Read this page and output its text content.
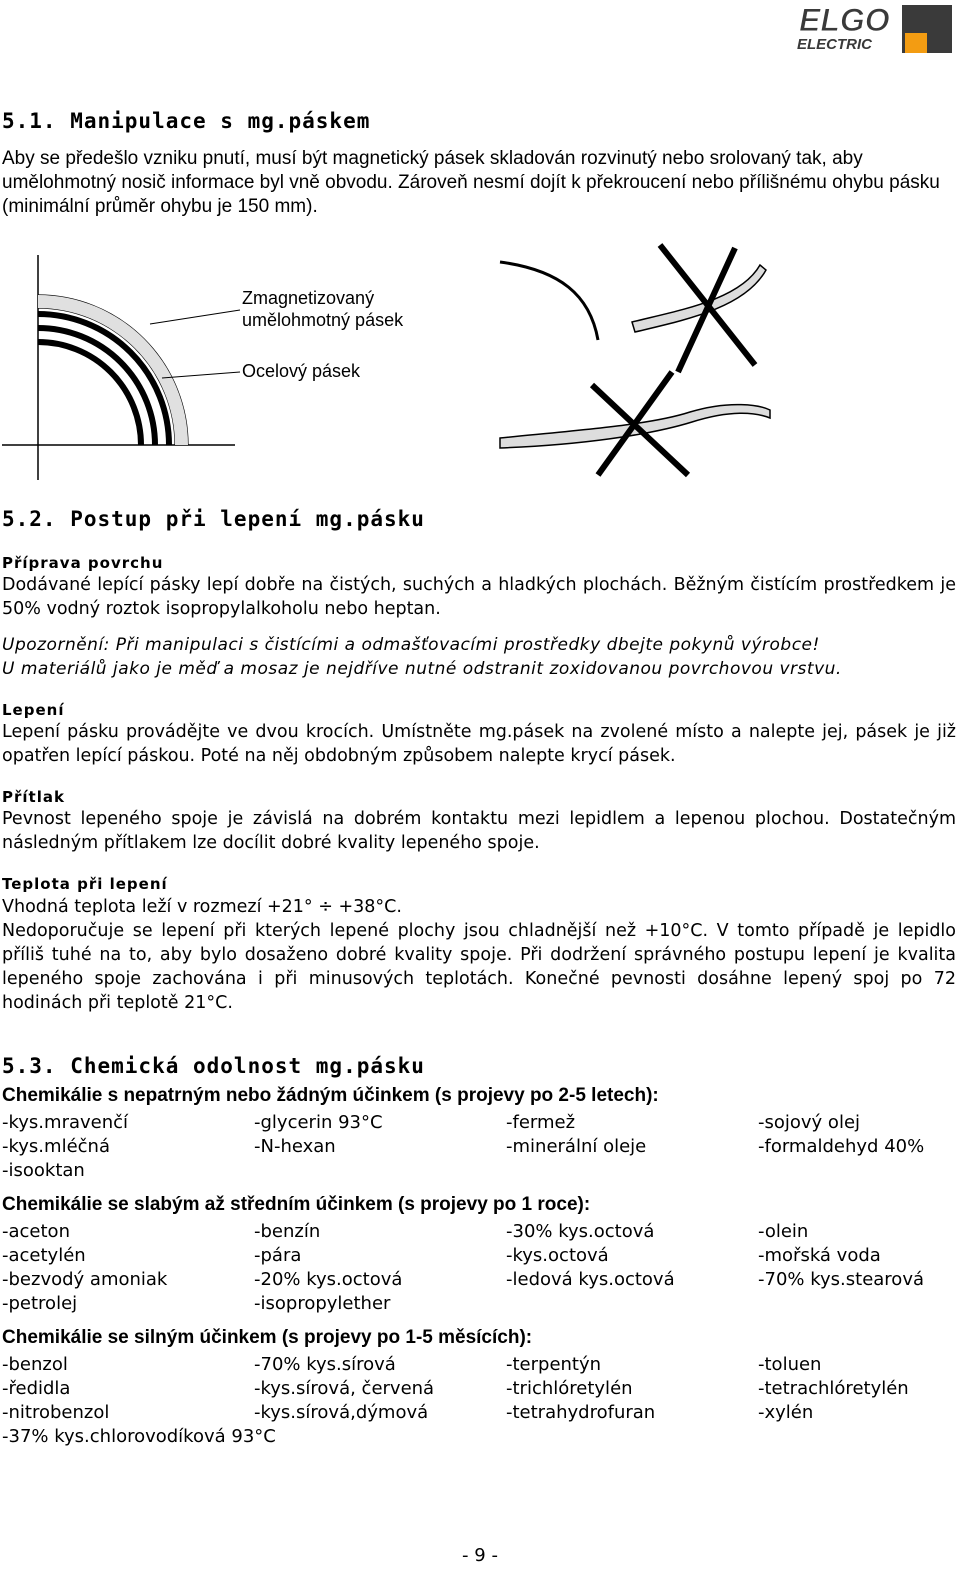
ELGO
ELECTRIC
5.1. Manipulace s mg.páskem
Aby se předešlo vzniku pnutí, musí být magnetický pásek skladován rozvinutý nebo srolovaný tak, aby umělohmotný nosič informace byl vně obvodu. Zároveň nesmí dojít k překroucení nebo přílišnému ohybu pásku (minimální průměr ohybu je 150 mm).
Zmagnetizovaný
umělohmotný pásek
Ocelový pásek
5.2. Postup při lepení mg.pásku
Příprava povrchu
Dodávané lepící pásky lepí dobře na čistých, suchých a hladkých plochách. Běžným čistícím prostředkem je 50% vodný roztok isopropylalkoholu nebo heptan.
Upozornění: Při manipulaci s čistícími a odmašťovacími prostředky dbejte pokynů výrobce!
U materiálů jako je měď a mosaz je nejdříve nutné odstranit zoxidovanou povrchovou vrstvu.
Lepení
Lepení pásku provádějte ve dvou krocích. Umístněte mg.pásek na zvolené místo a nalepte jej, pásek je již opatřen lepící páskou. Poté na něj obdobným způsobem nalepte krycí pásek.
Přítlak
Pevnost lepeného spoje je závislá na dobrém kontaktu mezi lepidlem a lepenou plochou. Dostatečným následným přítlakem lze docílit dobré kvality lepeného spoje.
Teplota při lepení
Vhodná teplota leží v rozmezí +21° ÷ +38°C.
Nedoporučuje se lepení při kterých lepené plochy jsou chladnější než +10°C. V tomto případě je lepidlo příliš tuhé na to, aby bylo dosaženo dobré kvality spoje. Při dodržení správného postupu lepení je kvalita lepeného spoje zachována i při minusových teplotách. Konečné pevnosti dosáhne lepený spoj po 72 hodinách při teplotě 21°C.
5.3. Chemická odolnost mg.pásku
Chemikálie s nepatrným nebo žádným účinkem (s projevy po 2-5 letech):
-kys.mravenčí	-glycerin 93°C	-fermež	-sojový olej
-kys.mléčná	-N-hexan	-minerální oleje	-formaldehyd 40%
-isooktan
Chemikálie se slabým až středním účinkem (s projevy po 1 roce):
-aceton	-benzín	-30% kys.octová	-olein
-acetylén	-pára	-kys.octová	-mořská voda
-bezvodý amoniak	-20% kys.octová	-ledová kys.octová	-70% kys.stearová
-petrolej	-isopropylether
Chemikálie se silným účinkem (s projevy po 1-5 měsících):
-benzol	-70% kys.sírová	-terpentýn	-toluen
-ředidla	-kys.sírová, červená	-trichlóretylén	-tetrachlóretylén
-nitrobenzol	-kys.sírová,dýmová	-tetrahydrofuran	-xylén
-37% kys.chlorovodíková 93°C
- 9 -
